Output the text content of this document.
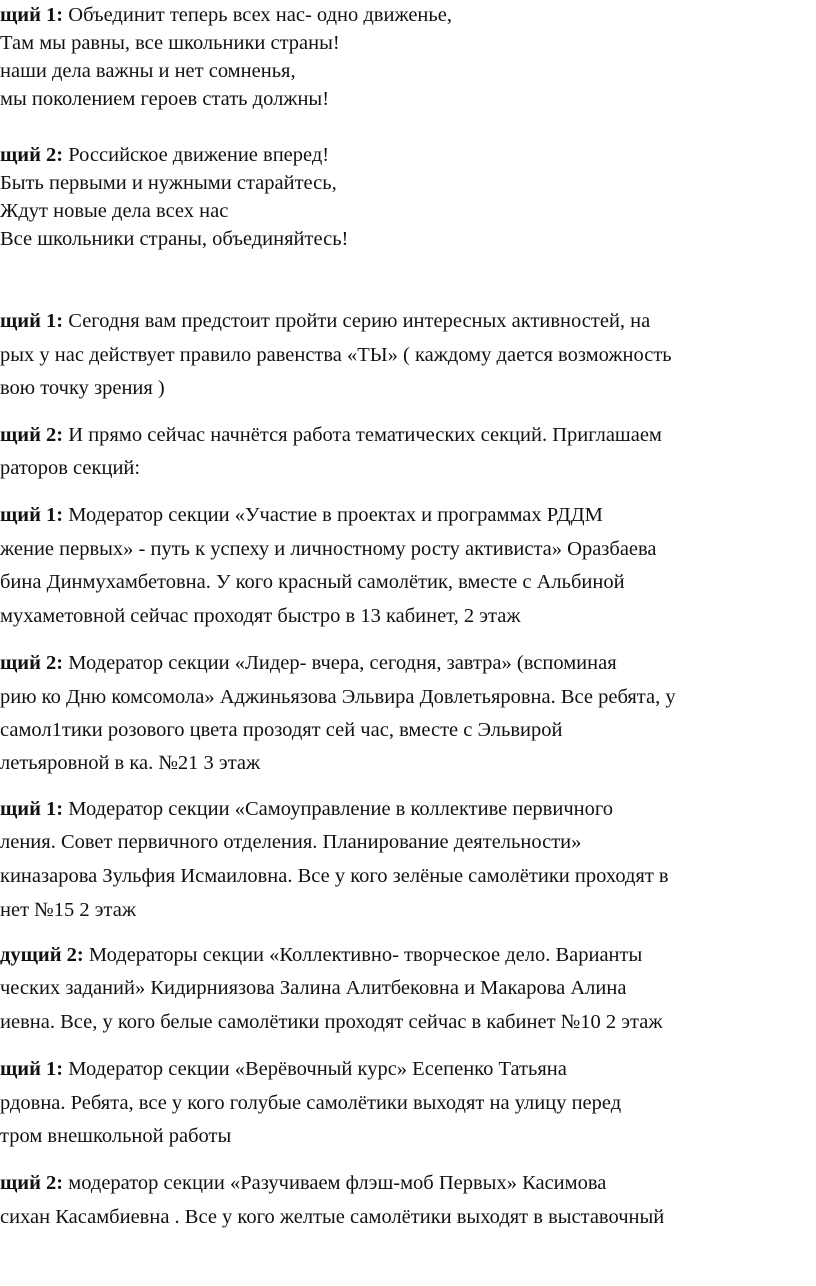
щий 1: Объединит теперь всех нас- одно движенье,
Там мы равны, все школьники страны!
наши дела важны и нет сомненья,
мы поколением героев стать должны!
щий 2: Российское движение вперед!
Быть первыми и нужными старайтесь,
Ждут новые дела всех нас
Все школьники страны, объединяйтесь!
щий 1: Сегодня вам предстоит пройти серию интересных активностей, на
рых у нас действует правило равенства «ТЫ» ( каждому дается возможность
вою точку зрения )
щий 2: И прямо сейчас начнётся работа тематических секций. Приглашаем
раторов секций:
щий 1: Модератор секции «Участие в проектах и программах РДДМ
жение первых» - путь к успеху и личностному росту активиста» Оразбаева
бина Динмухамбетовна. У кого красный самолётик, вместе с Альбиной
мухаметовной сейчас проходят быстро в 13 кабинет, 2 этаж
щий 2: Модератор секции «Лидер- вчера, сегодня, завтра» (вспоминая
рию ко Дню комсомола» Аджиньязова Эльвира Довлетьяровна. Все ребята, у
самол1тики розового цвета прозодят сей час, вместе с Эльвирой
летьяровной в ка. №21 3 этаж
щий 1: Модератор секции «Самоуправление в коллективе первичного
ления. Совет первичного отделения. Планирование деятельности»
киназарова Зульфия Исмаиловна. Все у кого зелёные самолётики проходят в
нет №15 2 этаж
дущий 2: Модераторы секции «Коллективно- творческое дело. Варианты
ческих заданий» Кидирниязова Залина Алитбековна и Макарова Алина
иевна. Все, у кого белые самолётики проходят сейчас в кабинет №10 2 этаж
щий 1: Модератор секции «Верёвочный курс» Есепенко Татьяна
рдовна. Ребята, все у кого голубые самолётики выходят на улицу перед
тром внешкольной работы
щий 2: модератор секции «Разучиваем флэш-моб Первых» Касимова
сихан Касамбиевна . Все у кого желтые самолётики выходят в выставочный
